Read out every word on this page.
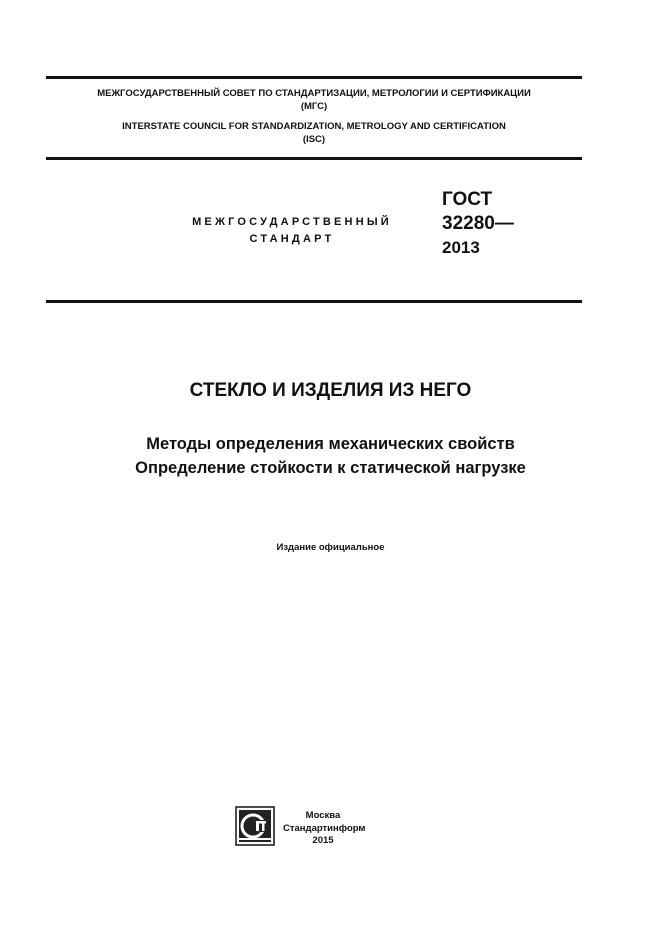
МЕЖГОСУДАРСТВЕННЫЙ СОВЕТ ПО СТАНДАРТИЗАЦИИ, МЕТРОЛОГИИ И СЕРТИФИКАЦИИ
(МГС)
INTERSTATE COUNCIL FOR STANDARDIZATION, METROLOGY AND CERTIFICATION
(ISC)
МЕЖГОСУДАРСТВЕННЫЙ
СТАНДАРТ
ГОСТ
32280—
2013
СТЕКЛО И ИЗДЕЛИЯ ИЗ НЕГО
Методы определения механических свойств
Определение стойкости к статической нагрузке
Издание официальное
Москва
Стандартинформ
2015
